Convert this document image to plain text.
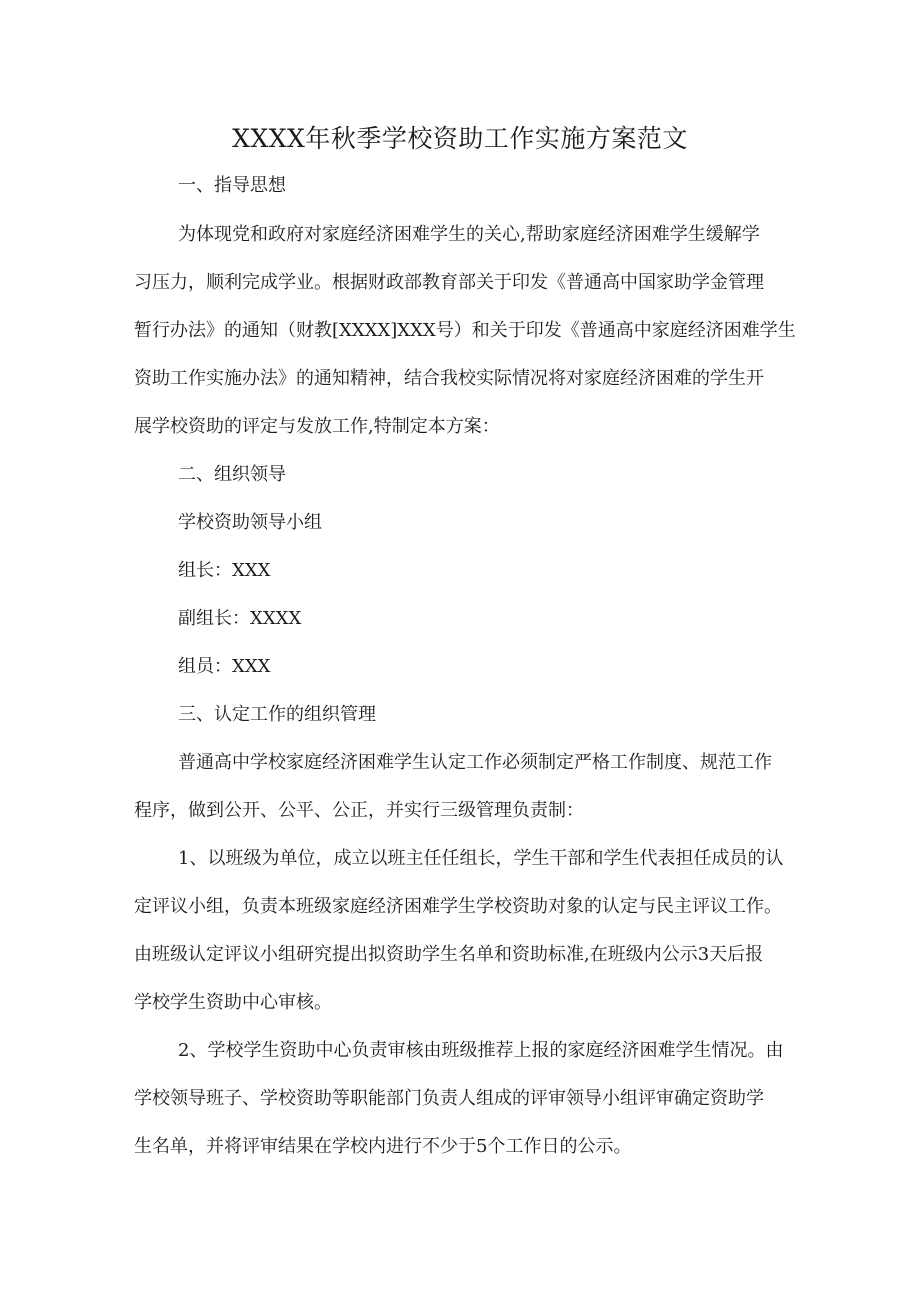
XXXX年秋季学校资助工作实施方案范文
一、指导思想
为体现党和政府对家庭经济困难学生的关心,帮助家庭经济困难学生缓解学
习压力，顺利完成学业。根据财政部教育部关于印发《普通高中国家助学金管理
暂行办法》的通知（财教[XXXX]XXX号）和关于印发《普通高中家庭经济困难学生
资助工作实施办法》的通知精神，结合我校实际情况将对家庭经济困难的学生开
展学校资助的评定与发放工作,特制定本方案：
二、组织领导
学校资助领导小组
组长：XXX
副组长：XXXX
组员：XXX
三、认定工作的组织管理
普通高中学校家庭经济困难学生认定工作必须制定严格工作制度、规范工作
程序，做到公开、公平、公正，并实行三级管理负责制：
1、以班级为单位，成立以班主任任组长，学生干部和学生代表担任成员的认
定评议小组，负责本班级家庭经济困难学生学校资助对象的认定与民主评议工作。
由班级认定评议小组研究提出拟资助学生名单和资助标准,在班级内公示3天后报
学校学生资助中心审核。
2、学校学生资助中心负责审核由班级推荐上报的家庭经济困难学生情况。由
学校领导班子、学校资助等职能部门负责人组成的评审领导小组评审确定资助学
生名单，并将评审结果在学校内进行不少于5个工作日的公示。
